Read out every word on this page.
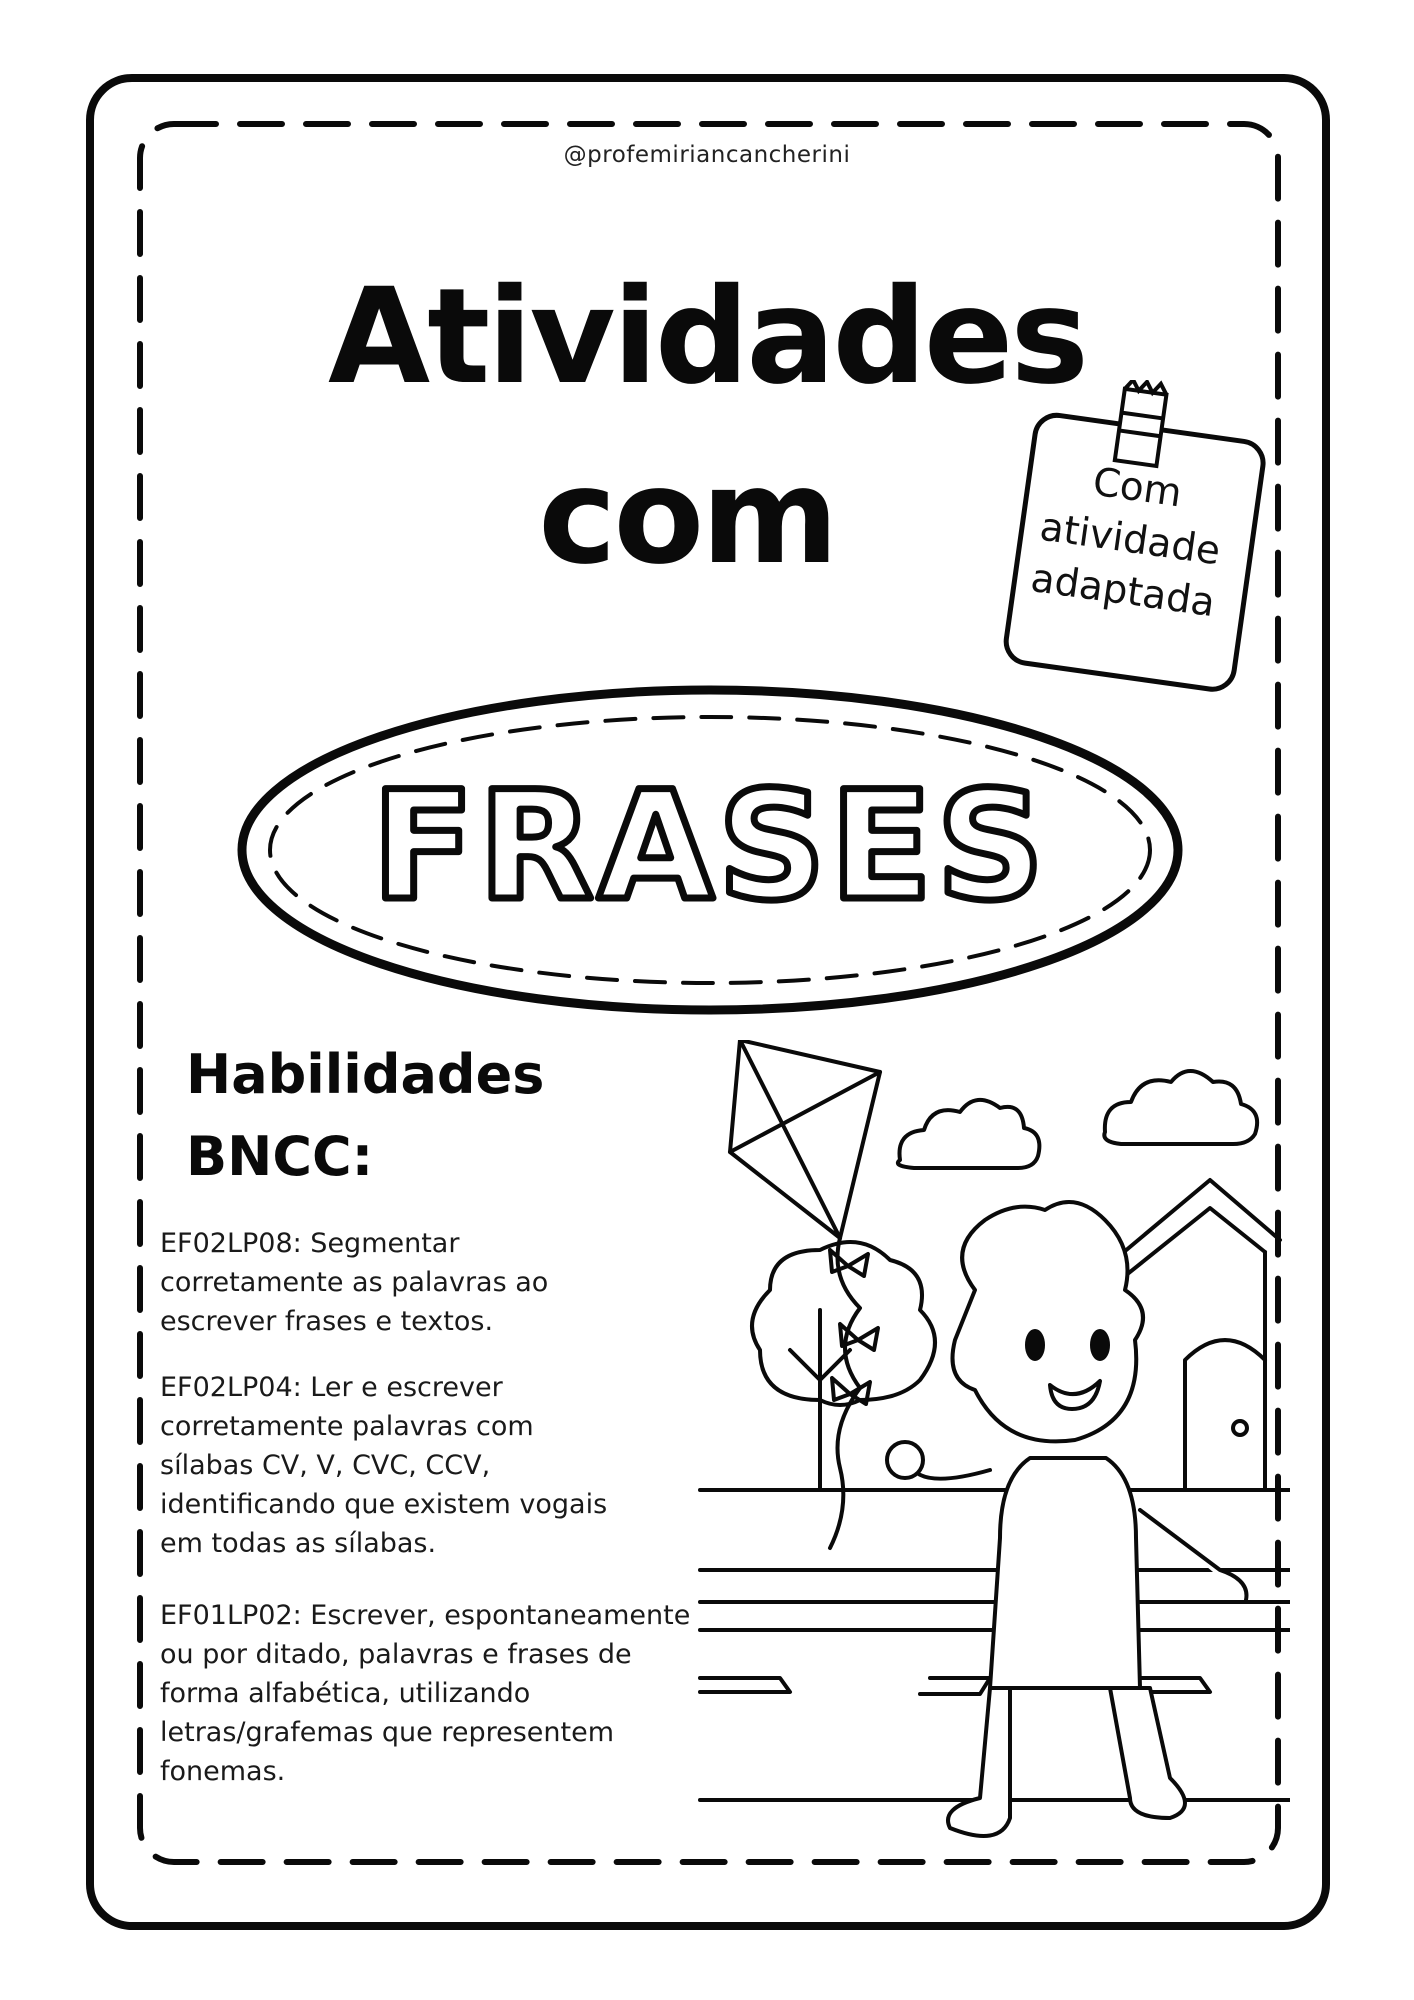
@profemiriancancherini
Atividades
com	Com
atividade
adaptada
FRASES
Habilidades
BNCC:
EF02LP08: Segmentar
corretamente as palavras ao
escrever frases e textos.
EF02LP04: Ler e escrever
corretamente palavras com
sílabas CV, V, CVC, CCV,
identificando que existem vogais
em todas as sílabas.
EF01LP02: Escrever, espontaneamente
ou por ditado, palavras e frases de
forma alfabética, utilizando
letras/grafemas que representem
fonemas.
